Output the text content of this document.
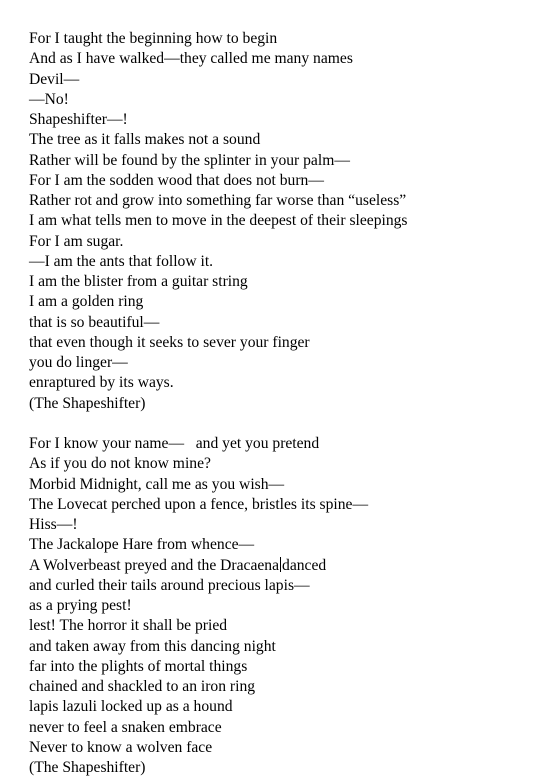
For I taught the beginning how to begin
And as I have walked—they called me many names
Devil—
—No!
Shapeshifter—!
The tree as it falls makes not a sound
Rather will be found by the splinter in your palm—
For I am the sodden wood that does not burn—
Rather rot and grow into something far worse than “useless”
I am what tells men to move in the deepest of their sleepings
For I am sugar.
—I am the ants that follow it.
I am the blister from a guitar string
I am a golden ring
that is so beautiful—
that even though it seeks to sever your finger
you do linger—
enraptured by its ways.
(The Shapeshifter)
For I know your name—   and yet you pretend
As if you do not know mine?
Morbid Midnight, call me as you wish—
The Lovecat perched upon a fence, bristles its spine—
Hiss—!
The Jackalope Hare from whence—
A Wolverbeast preyed and the Dracaena danced
and curled their tails around precious lapis—
as a prying pest!
lest! The horror it shall be pried
and taken away from this dancing night
far into the plights of mortal things
chained and shackled to an iron ring
lapis lazuli locked up as a hound
never to feel a snaken embrace
Never to know a wolven face
(The Shapeshifter)
